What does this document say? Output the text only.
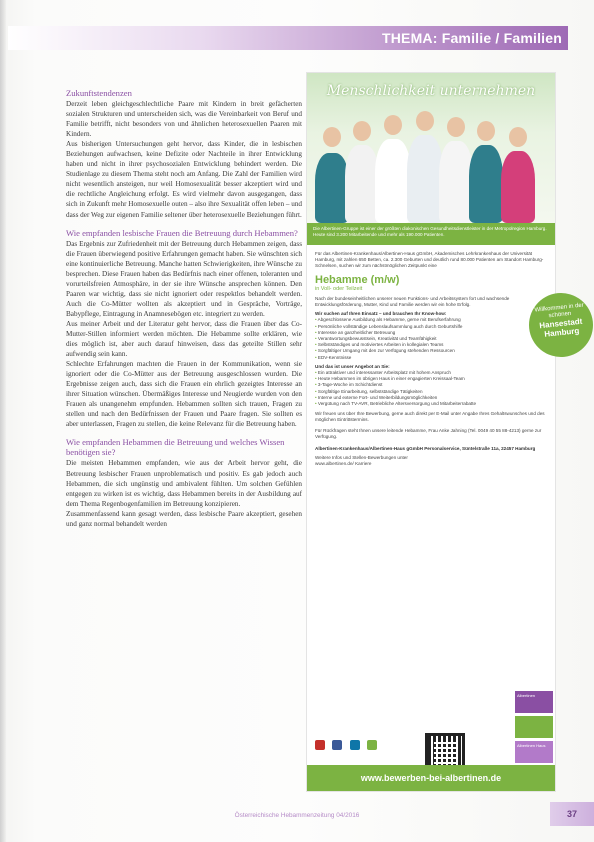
THEMA: Familie / Familien
Zukunftstendenzen

Derzeit leben gleichgeschlechtliche Paare mit Kindern in breit gefächerten sozialen Strukturen und unterscheiden sich, was die Vereinbarkeit von Beruf und Familie betrifft, nicht besonders von und ähnlichen heterosexuellen Paaren mit Kindern.

Aus bisherigen Untersuchungen geht hervor, dass Kinder, die in lesbischen Beziehungen aufwachsen, keine Defizite oder Nachteile in ihrer Entwicklung haben und nicht in ihrer psychosozialen Entwicklung behindert werden. Die Studienlage zu diesem Thema steht noch am Anfang. Die Zahl der Familien wird nicht wesentlich ansteigen, nur weil Homosexualität besser akzeptiert wird und die rechtliche Angleichung erfolgt. Es wird vielmehr davon ausgegangen, dass sich in Zukunft mehr Homosexuelle outen – also ihre Sexualität offen leben – und dass der Weg zur eigenen Familie seltener über heterosexuelle Beziehungen führt.

Wie empfanden lesbische Frauen die Betreuung durch Hebammen?

Das Ergebnis zur Zufriedenheit mit der Betreuung durch Hebammen zeigen, dass die Frauen überwiegend positive Erfahrungen gemacht haben. Sie wünschten sich eine kontinuierliche Betreuung. Manche hatten Schwierigkeiten, ihre Wünsche zu besprechen. Diese Frauen haben das Bedürfnis nach einer offenen, toleranten und vorurteilsfreien Atmosphäre, in der sie ihre Wünsche ansprechen können. Den Paaren war wichtig, dass sie nicht ignoriert oder respektlos behandelt werden. Auch die Co-Mütter wollten als akzeptiert und in Gespräche, Vorträge, Babypflege, Eintragung in Anamnesebögen etc. integriert zu werden.

Aus meiner Arbeit und der Literatur geht hervor, dass die Frauen über das Co-Mutter-Stillen informiert werden möchten. Die Hebamme sollte erklären, wie dies möglich ist, aber auch darauf hinweisen, dass das geteilte Stillen sehr aufwendig sein kann.

Schlechte Erfahrungen machten die Frauen in der Kommunikation, wenn sie ignoriert oder die Co-Mütter aus der Betreuung ausgeschlossen wurden. Die Ergebnisse zeigen auch, dass sich die Frauen ein ehrlich gezeigtes Interesse an ihrer Situation wünschen. Übermäßiges Interesse und Neugierde wurden von den Frauen als unangenehm empfunden. Hebammen sollten sich trauen, Fragen zu stellen und nach den Bedürfnissen der Frauen und Paare fragen. Sie sollten es aber unterlassen, Fragen zu stellen, die keine Relevanz für die Betreuung haben.

Wie empfanden Hebammen die Betreuung und welches Wissen benötigen sie?

Die meisten Hebammen empfanden, wie aus der Arbeit hervor geht, die Betreuung lesbischer Frauen unproblematisch und positiv. Es gab jedoch auch Hebammen, die sich ungünstig und ambivalent fühlten. Um solchen Gefühlen entgegen zu wirken ist es wichtig, dass Hebammen bereits in der Ausbildung auf dem Thema Regenbogenfamilien im Betreuung konzipieren.

Zusammenfassend kann gesagt werden, dass lesbische Paare akzeptiert, gesehen und ganz normal behandelt werden

Menschlichkeit unternehmen
Die Albertinen-Gruppe ist einer der größten diakonischen Gesundheitsdienstleister in der Metropolregion Hamburg. Heute sind 3.200 Mitarbeitende und mehr als 190.000 Patienten.
Für das Albertinen-Krankenhaus/Albertinen-Haus gGmbH, Akademisches Lehrkrankenhaus der Universität Hamburg, mit zahlen 650 Betten, ca. 2.300 Geburten und deutlich rund 80.000 Patienten am Standort Hamburg-Schnelsen, suchen wir zum nächstmöglichen Zeitpunkt eine
Hebamme (m/w)
in Voll- oder Teilzeit
Nach der bundeseinheitlichen unserer neuen Funktions- und Arbeitssystem fort und wachsende Entwicklungsförderung, Mutter, Kind und Familie werden wir ein hohe Erfolg.
Wir suchen auf Ihren Einsatz – und brauchen Ihr Know-how:
• Abgeschlossene Ausbildung als Hebamme, gerne mit Berufserfahrung
• Persönliche vollständige Lebenslaufsammlung auch durch Geburtshilfe
• Interesse an ganzheitlicher Betreuung
• Verantwortungsbewusstsein, Kreativität und Teamfähigkeit
• Selbstständiges und motiviertes Arbeiten in kollegialen Teams
• Sorgfältiger Umgang mit den zur Verfügung stehenden Ressourcen
• EDV-Kenntnisse
Und das ist unser Angebot an Sie:
• Ein attraktiver und interessanter Arbeitsplatz mit hohem Anspruch
• Heute Hebammen im übrigen Haus in einer engagierten Kreissaal-Team
• 3-Tage-Woche im Schichtdienst
• Sorgfältige Einarbeitung, selbstständige Tätigkeiten
• Interne und externe Fort- und Weiterbildungsmöglichkeiten
• Vergütung nach TV-AVR, Betriebliche Altersversorgung und Mitarbeiterrabatte
Wir freuen uns über Ihre Bewerbung, gerne auch direkt per E-Mail unter Angabe Ihres Gehaltswunsches und des möglichen Eintrittstermins.
Für Rückfragen steht Ihnen unsere leitende Hebamme, Frau Anke Jahning (Tel. 0049 40 55 88-4213) gerne zur Verfügung.
Albertinen-Krankenhaus/Albertinen-Haus gGmbH Personalservice, Süntelstraße 11a, 22457 Hamburg
Weitere Infos und Stellen-Bewerbungen unter www.albertinen.de/ Karriere
Willkommen in der schönen
Hansestadt Hamburg
Albertinen
Albertinen Haus

www.bewerben-bei-albertinen.de
Österreichische Hebammenzeitung 04/2016	37
